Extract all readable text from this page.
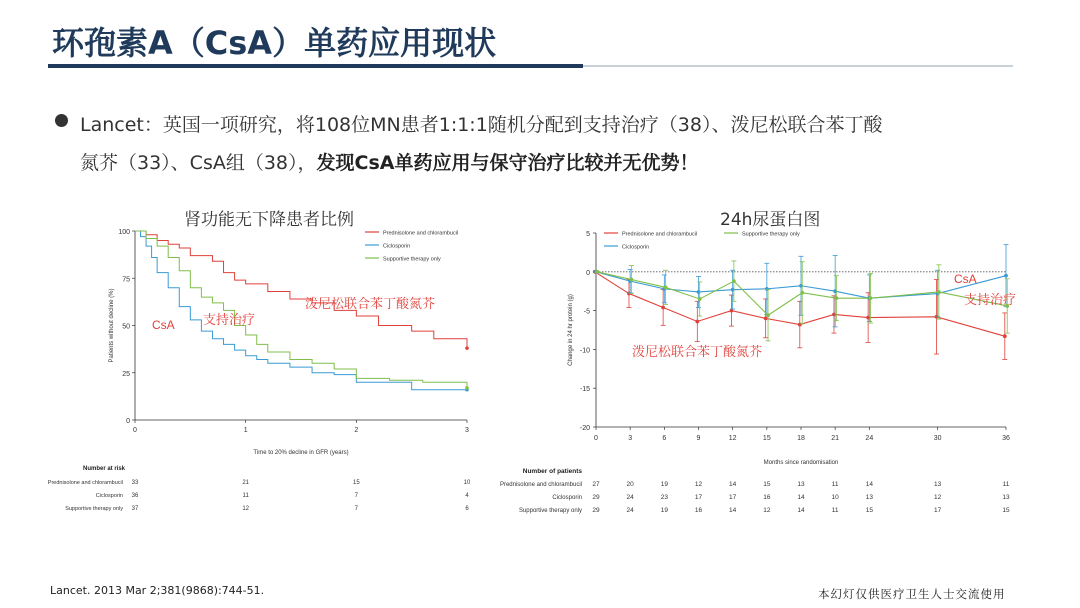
环孢素A（CsA）单药应用现状
Lancet：英国一项研究，将108位MN患者1:1:1随机分配到支持治疗（38）、泼尼松联合苯丁酸
氮芥（33）、CsA组（38），发现CsA单药应用与保守治疗比较并无优势！
肾功能无下降患者比例	24h尿蛋白图
0
25
50
75
100
0	1	2	3
Time to 20% decline in GFR (years)
Patients without decline (%)
Prednisolone and chlorambucil
Ciclosporin
Supportive therapy only
泼尼松联合苯丁酸氮芥
支持治疗
CsA
Number at risk
Prednisolone and chlorambucil 33	21	15	10
Ciclosporin 36	11	7	4
Supportive therapy only 37	12	7	6
5
0
-5
-10
-15
-20
0	3	6	9	12	15	18	21	24	30	36
Months since randomisation
Change in 24 hr protein (g)
Prednisolone and chlorambucil	Supportive therapy only
Ciclosporin
CsA
支持治疗
泼尼松联合苯丁酸氮芥
Number of patients
Prednisolone and chlorambucil 27	20	19	12	14	15	13	11	14	13	11
Ciclosporin 29	24	23	17	17	16	14	10	13	12	13
Supportive therapy only 29	24	19	16	14	12	14	11	15	17	15
Lancet. 2013 Mar 2;381(9868):744-51.	本幻灯仅供医疗卫生人士交流使用
